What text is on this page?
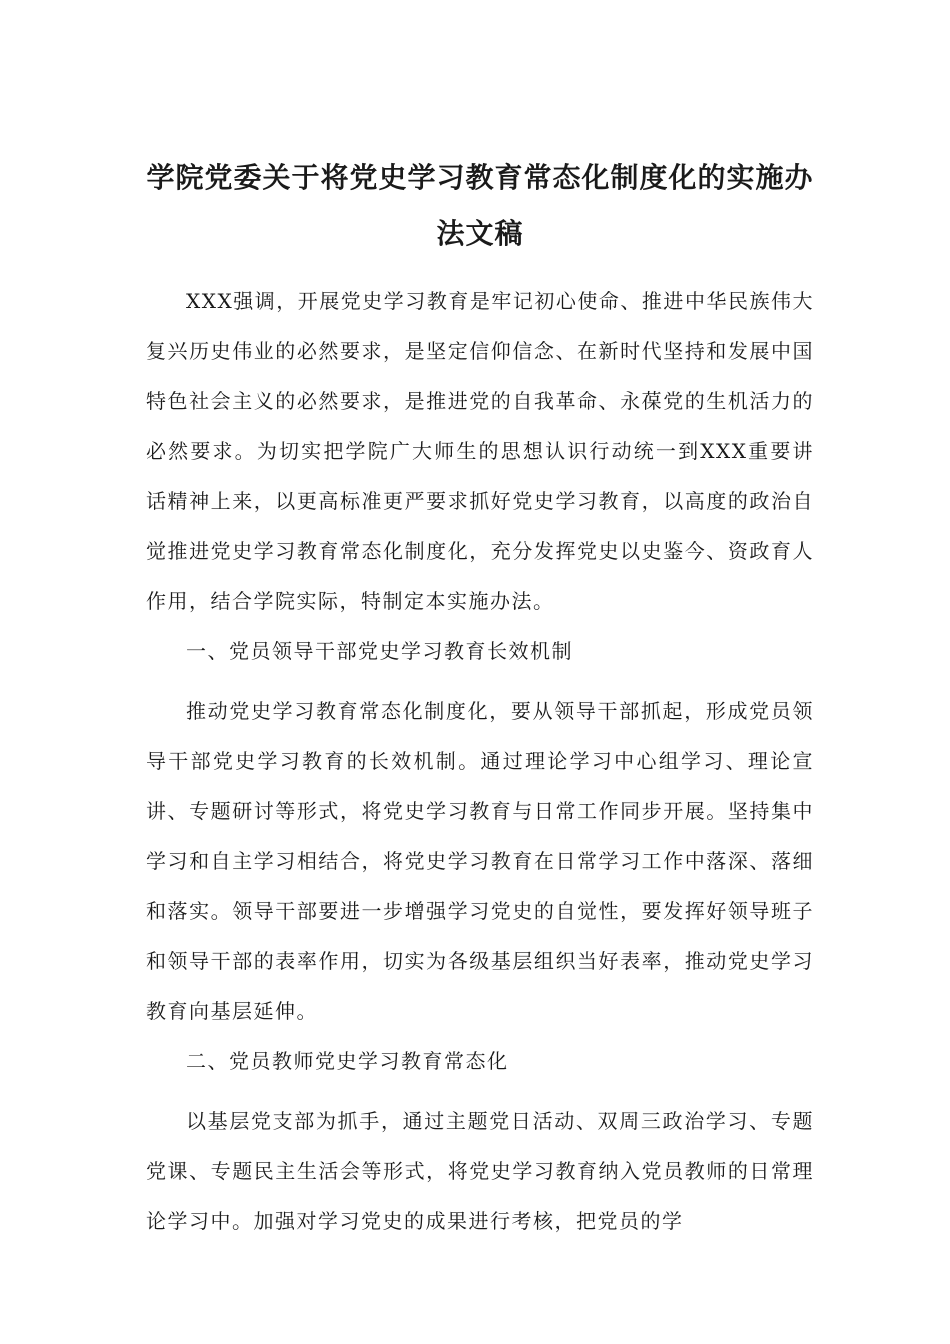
学院党委关于将党史学习教育常态化制度化的实施办
法文稿

XXX强调，开展党史学习教育是牢记初心使命、推进中华民族伟大复兴历史伟业的必然要求，是坚定信仰信念、在新时代坚持和发展中国特色社会主义的必然要求，是推进党的自我革命、永葆党的生机活力的必然要求。为切实把学院广大师生的思想认识行动统一到XXX重要讲话精神上来，以更高标准更严要求抓好党史学习教育，以高度的政治自觉推进党史学习教育常态化制度化，充分发挥党史以史鉴今、资政育人作用，结合学院实际，特制定本实施办法。

一、党员领导干部党史学习教育长效机制

推动党史学习教育常态化制度化，要从领导干部抓起，形成党员领导干部党史学习教育的长效机制。通过理论学习中心组学习、理论宣讲、专题研讨等形式，将党史学习教育与日常工作同步开展。坚持集中学习和自主学习相结合，将党史学习教育在日常学习工作中落深、落细和落实。领导干部要进一步增强学习党史的自觉性，要发挥好领导班子和领导干部的表率作用，切实为各级基层组织当好表率，推动党史学习教育向基层延伸。

二、党员教师党史学习教育常态化

以基层党支部为抓手，通过主题党日活动、双周三政治学习、专题党课、专题民主生活会等形式，将党史学习教育纳入党员教师的日常理论学习中。加强对学习党史的成果进行考核，把党员的学
